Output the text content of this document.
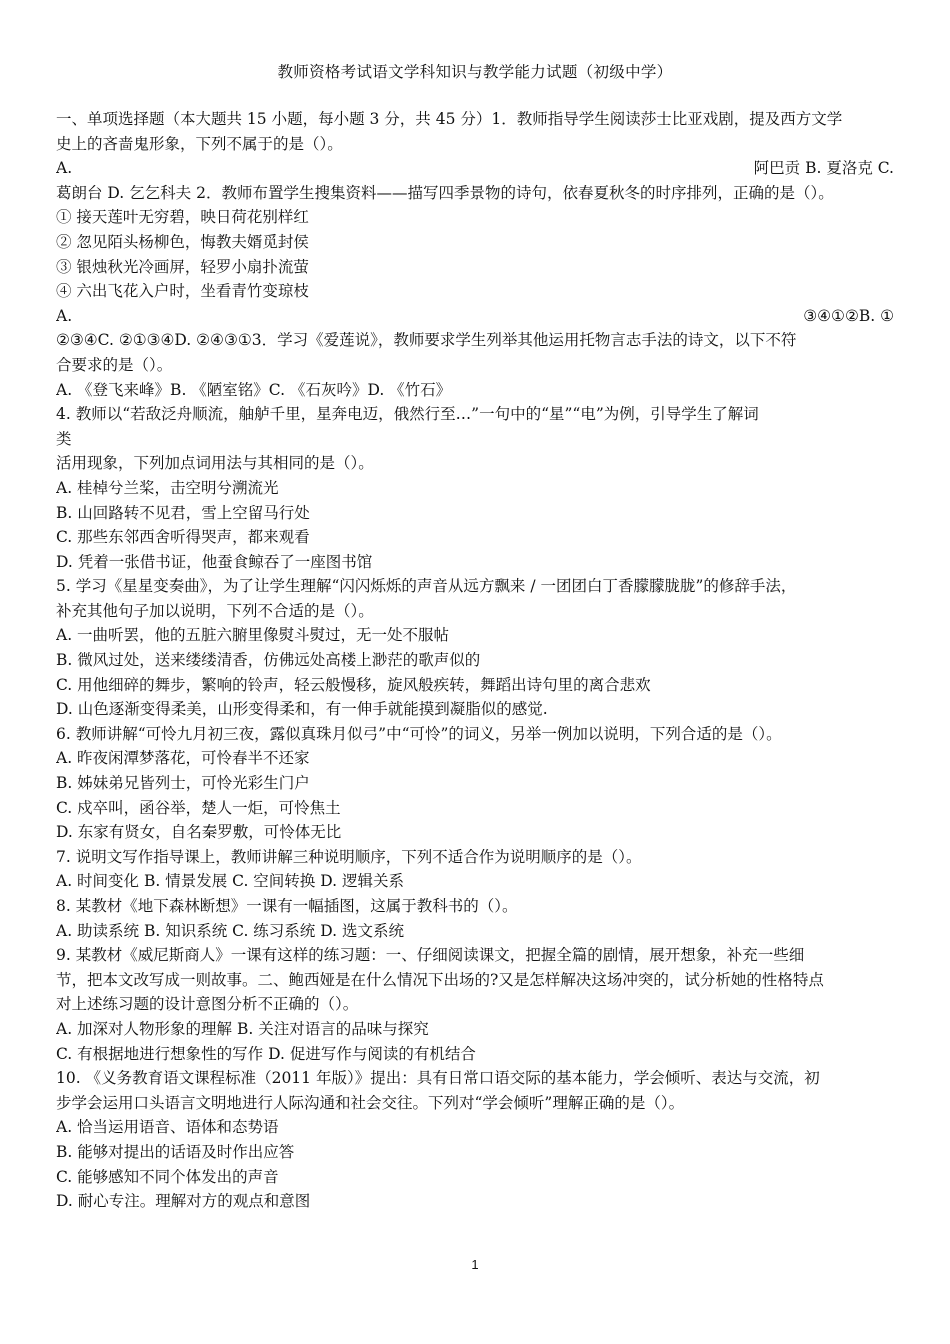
教师资格考试语文学科知识与教学能力试题（初级中学）
一、单项选择题（本大题共 15 小题，每小题 3 分，共 45 分）1．教师指导学生阅读莎士比亚戏剧，提及西方文学
史上的吝啬鬼形象，下列不属于的是（）。
A.	阿巴贡 B. 夏洛克 C.
葛朗台 D. 乞乞科夫 2．教师布置学生搜集资料——描写四季景物的诗句，依春夏秋冬的时序排列，正确的是（）。
① 接天莲叶无穷碧，映日荷花别样红
② 忽见陌头杨柳色，悔教夫婿觅封侯
③ 银烛秋光冷画屏，轻罗小扇扑流萤
④ 六出飞花入户时，坐看青竹变琼枝
A.	③④①②B. ①
②③④C. ②①③④D. ②④③①3．学习《爱莲说》，教师要求学生列举其他运用托物言志手法的诗文，以下不符
合要求的是（）。
A. 《登飞来峰》B. 《陋室铭》C. 《石灰吟》D. 《竹石》
4. 教师以“若敌泛舟顺流，舳舻千里，星奔电迈，俄然行至…”一句中的“星”“电”为例，引导学生了解词
类
活用现象，下列加点词用法与其相同的是（）。
A. 桂棹兮兰桨，击空明兮溯流光
B. 山回路转不见君，雪上空留马行处
C. 那些东邻西舍听得哭声，都来观看
D. 凭着一张借书证，他蚕食鲸吞了一座图书馆
5. 学习《星星变奏曲》，为了让学生理解“闪闪烁烁的声音从远方飘来 / 一团团白丁香朦朦胧胧”的修辞手法，
补充其他句子加以说明，下列不合适的是（）。
A. 一曲听罢，他的五脏六腑里像熨斗熨过，无一处不服帖
B. 微风过处，送来缕缕清香，仿佛远处高楼上渺茫的歌声似的
C. 用他细碎的舞步，繁响的铃声，轻云般慢移，旋风般疾转，舞蹈出诗句里的离合悲欢
D. 山色逐渐变得柔美，山形变得柔和，有一伸手就能摸到凝脂似的感觉.
6. 教师讲解“可怜九月初三夜，露似真珠月似弓”中“可怜”的词义，另举一例加以说明，下列合适的是（）。
A. 昨夜闲潭梦落花，可怜春半不还家
B. 姊妹弟兄皆列士，可怜光彩生门户
C. 戍卒叫，函谷举，楚人一炬，可怜焦土
D. 东家有贤女，自名秦罗敷，可怜体无比
7. 说明文写作指导课上，教师讲解三种说明顺序，下列不适合作为说明顺序的是（）。
A. 时间变化 B. 情景发展 C. 空间转换 D. 逻辑关系
8. 某教材《地下森林断想》一课有一幅插图，这属于教科书的（）。
A. 助读系统 B. 知识系统 C. 练习系统 D. 选文系统
9. 某教材《威尼斯商人》一课有这样的练习题：一、仔细阅读课文，把握全篇的剧情，展开想象，补充一些细
节，把本文改写成一则故事。二、鲍西娅是在什么情况下出场的?又是怎样解决这场冲突的，试分析她的性格特点
对上述练习题的设计意图分析不正确的（）。
A. 加深对人物形象的理解 B. 关注对语言的品味与探究
C. 有根据地进行想象性的写作 D. 促进写作与阅读的有机结合
10. 《义务教育语文课程标准（2011 年版）》提出：具有日常口语交际的基本能力，学会倾听、表达与交流，初
步学会运用口头语言文明地进行人际沟通和社会交往。下列对“学会倾听”理解正确的是（）。
A. 恰当运用语音、语体和态势语
B. 能够对提出的话语及时作出应答
C. 能够感知不同个体发出的声音
D. 耐心专注。理解对方的观点和意图
1
